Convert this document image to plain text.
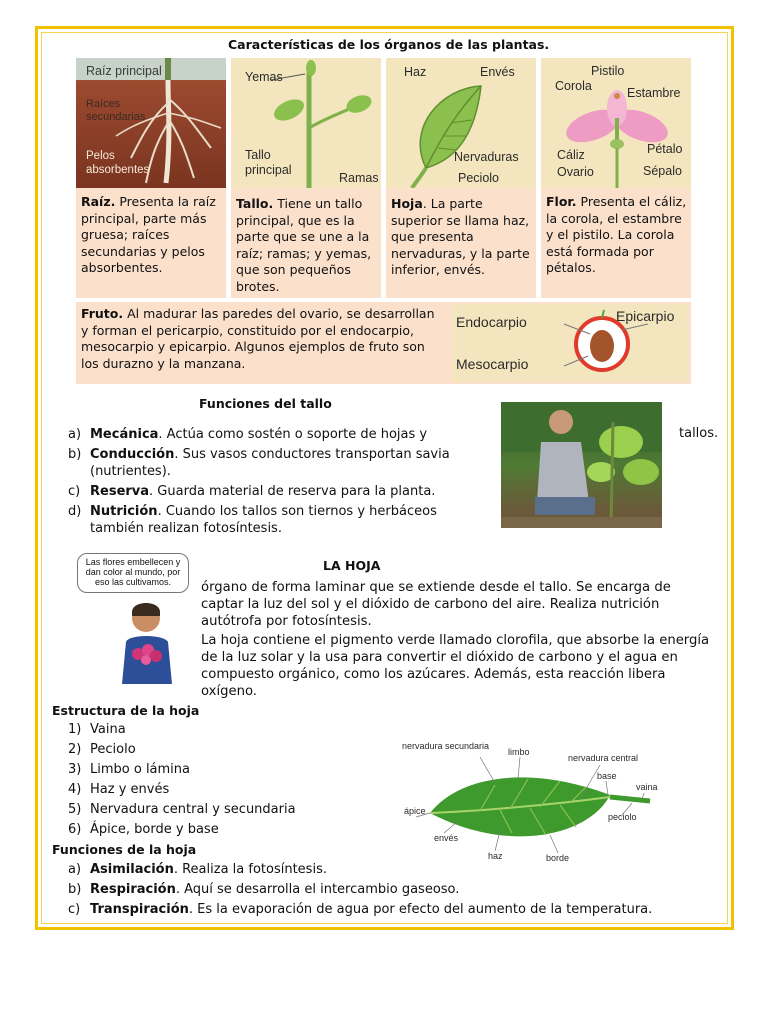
Características de los órganos de las plantas.
Raíz principal
Raíces
secundarias
Pelos
absorbentes
Raíz. Presenta la raíz principal, parte más gruesa; raíces secundarias y pelos absorbentes.
Yemas
Tallo
principal
Ramas
Tallo. Tiene un tallo principal, que es la parte que se une a la raíz; ramas; y yemas, que son pequeños brotes.
Haz	Envés
Nervaduras
Peciolo
Hoja. La parte superior se llama haz, que presenta nervaduras, y la parte inferior, envés.
Pistilo
Corola	Estambre
Cáliz	Pétalo
Ovario	Sépalo
Flor. Presenta el cáliz, la corola, el estambre y el pistilo. La corola está formada por pétalos.
Fruto. Al madurar las paredes del ovario, se desarrollan y forman el pericarpio, constituido por el endocarpio, mesocarpio y epicarpio. Algunos ejemplos de fruto son los durazno y la manzana.
Endocarpio	Epicarpio
Mesocarpio
Funciones del tallo
a) Mecánica. Actúa como sostén o soporte de hojas y
b) Conducción. Sus vasos conductores transportan savia (nutrientes).
c) Reserva. Guarda material de reserva para la planta.
d) Nutrición. Cuando los tallos son tiernos y herbáceos también realizan fotosíntesis.
tallos.
LA HOJA
Las flores embellecen y dan color al mundo, por eso las cultivamos.	órgano de forma laminar que se extiende desde el tallo. Se encarga de captar la luz del sol y el dióxido de carbono del aire. Realiza nutrición autótrofa por fotosíntesis.
La hoja contiene el pigmento verde llamado clorofila, que absorbe la energía de la luz solar y la usa para convertir el dióxido de carbono y el agua en compuesto orgánico, como los azúcares. Además, esta reacción libera oxígeno.
Estructura de la hoja
1) Vaina
2) Peciolo
3) Limbo o lámina
4) Haz y envés
5) Nervadura central y secundaria
6) Ápice, borde y base
nervadura secundaria
limbo
nervadura central
base
vaina
ápice
peciolo
envés
haz	borde
Funciones de la hoja
a) Asimilación. Realiza la fotosíntesis.
b) Respiración. Aquí se desarrolla el intercambio gaseoso.
c) Transpiración. Es la evaporación de agua por efecto del aumento de la temperatura.
